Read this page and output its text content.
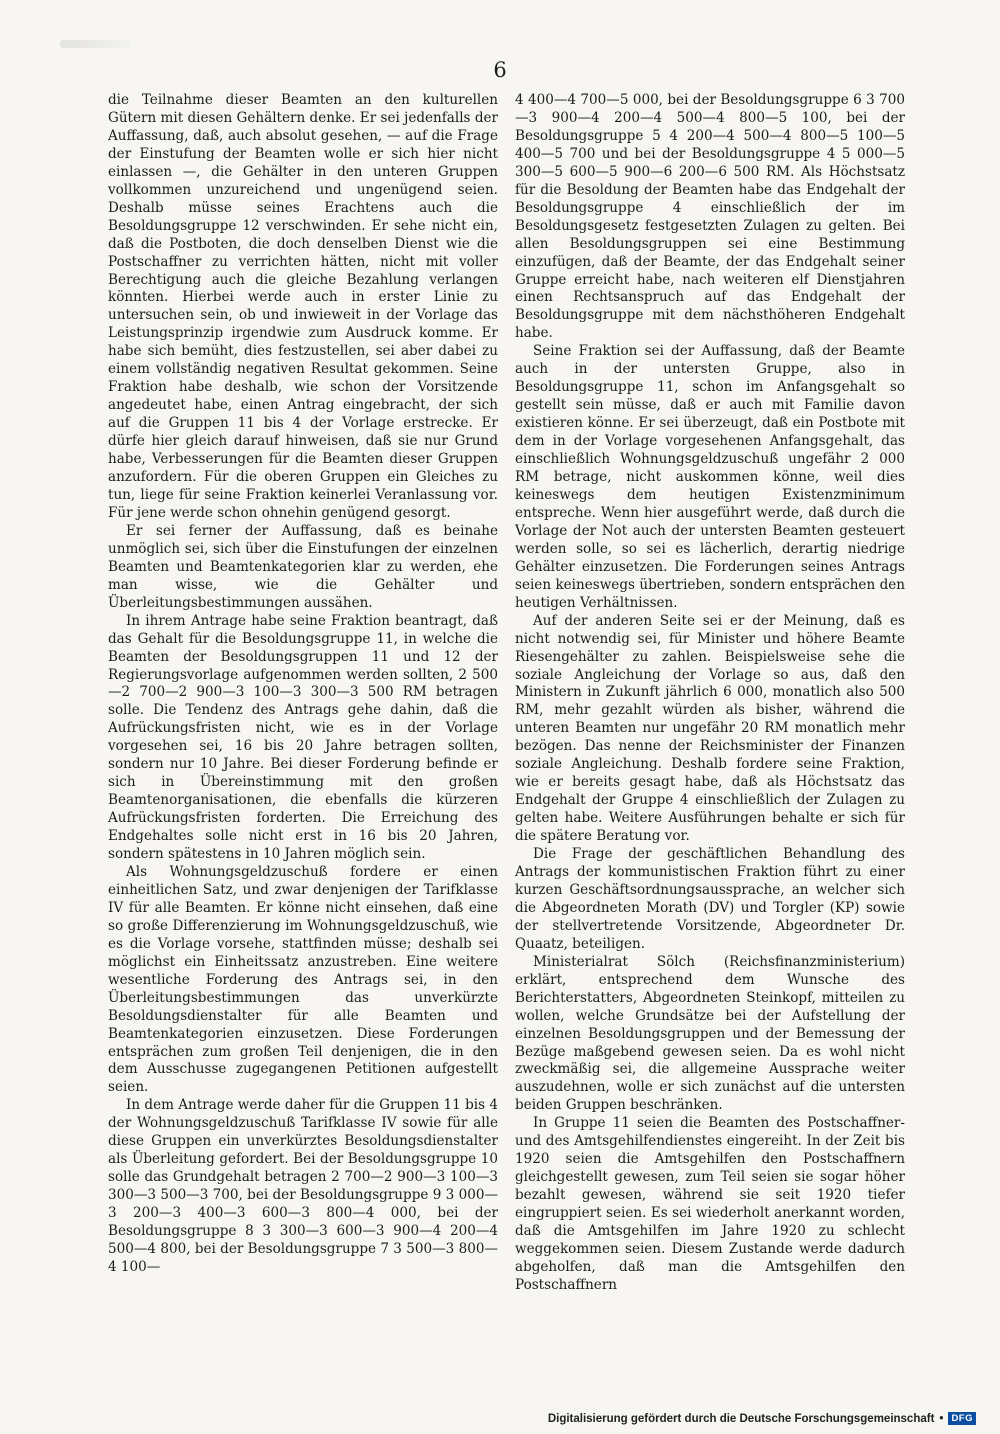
6

die Teilnahme dieser Beamten an den kulturellen Gütern mit diesen Gehältern denke. Er sei jedenfalls der Auffassung, daß, auch absolut gesehen, — auf die Frage der Einstufung der Beamten wolle er sich hier nicht einlassen —, die Gehälter in den unteren Gruppen vollkommen unzureichend und ungenügend seien. Deshalb müsse seines Erachtens auch die Besoldungsgruppe 12 verschwinden. Er sehe nicht ein, daß die Postboten, die doch denselben Dienst wie die Postschaffner zu verrichten hätten, nicht mit voller Berechtigung auch die gleiche Bezahlung verlangen könnten. Hierbei werde auch in erster Linie zu untersuchen sein, ob und inwieweit in der Vorlage das Leistungsprinzip irgendwie zum Ausdruck komme. Er habe sich bemüht, dies festzustellen, sei aber dabei zu einem vollständig negativen Resultat gekommen. Seine Fraktion habe deshalb, wie schon der Vorsitzende angedeutet habe, einen Antrag eingebracht, der sich auf die Gruppen 11 bis 4 der Vorlage erstrecke. Er dürfe hier gleich darauf hinweisen, daß sie nur Grund habe, Verbesserungen für die Beamten dieser Gruppen anzufordern. Für die oberen Gruppen ein Gleiches zu tun, liege für seine Fraktion keinerlei Veranlassung vor. Für jene werde schon ohnehin genügend gesorgt.

Er sei ferner der Auffassung, daß es beinahe unmöglich sei, sich über die Einstufungen der einzelnen Beamten und Beamtenkategorien klar zu werden, ehe man wisse, wie die Gehälter und Überleitungsbestimmungen aussähen.

In ihrem Antrage habe seine Fraktion beantragt, daß das Gehalt für die Besoldungsgruppe 11, in welche die Beamten der Besoldungsgruppen 11 und 12 der Regierungsvorlage aufgenommen werden sollten, 2 500—2 700—2 900—3 100—3 300—3 500 RM betragen solle. Die Tendenz des Antrags gehe dahin, daß die Aufrückungsfristen nicht, wie es in der Vorlage vorgesehen sei, 16 bis 20 Jahre betragen sollten, sondern nur 10 Jahre. Bei dieser Forderung befinde er sich in Übereinstimmung mit den großen Beamtenorganisationen, die ebenfalls die kürzeren Aufrückungsfristen forderten. Die Erreichung des Endgehaltes solle nicht erst in 16 bis 20 Jahren, sondern spätestens in 10 Jahren möglich sein.

Als Wohnungsgeldzuschuß fordere er einen einheitlichen Satz, und zwar denjenigen der Tarifklasse IV für alle Beamten. Er könne nicht einsehen, daß eine so große Differenzierung im Wohnungsgeldzuschuß, wie es die Vorlage vorsehe, stattfinden müsse; deshalb sei möglichst ein Einheitssatz anzustreben. Eine weitere wesentliche Forderung des Antrags sei, in den Überleitungsbestimmungen das unverkürzte Besoldungsdienstalter für alle Beamten und Beamtenkategorien einzusetzen. Diese Forderungen entsprächen zum großen Teil denjenigen, die in den dem Ausschusse zugegangenen Petitionen aufgestellt seien.

In dem Antrage werde daher für die Gruppen 11 bis 4 der Wohnungsgeldzuschuß Tarifklasse IV sowie für alle diese Gruppen ein unverkürztes Besoldungsdienstalter als Überleitung gefordert. Bei der Besoldungsgruppe 10 solle das Grundgehalt betragen 2 700—2 900—3 100—3 300—3 500—3 700, bei der Besoldungsgruppe 9 3 000—3 200—3 400—3 600—3 800—4 000, bei der Besoldungsgruppe 8 3 300—3 600—3 900—4 200—4 500—4 800, bei der Besoldungsgruppe 7 3 500—3 800—4 100—

4 400—4 700—5 000, bei der Besoldungsgruppe 6 3 700—3 900—4 200—4 500—4 800—5 100, bei der Besoldungsgruppe 5 4 200—4 500—4 800—5 100—5 400—5 700 und bei der Besoldungsgruppe 4 5 000—5 300—5 600—5 900—6 200—6 500 RM. Als Höchstsatz für die Besoldung der Beamten habe das Endgehalt der Besoldungsgruppe 4 einschließlich der im Besoldungsgesetz festgesetzten Zulagen zu gelten. Bei allen Besoldungsgruppen sei eine Bestimmung einzufügen, daß der Beamte, der das Endgehalt seiner Gruppe erreicht habe, nach weiteren elf Dienstjahren einen Rechtsanspruch auf das Endgehalt der Besoldungsgruppe mit dem nächsthöheren Endgehalt habe.

Seine Fraktion sei der Auffassung, daß der Beamte auch in der untersten Gruppe, also in Besoldungsgruppe 11, schon im Anfangsgehalt so gestellt sein müsse, daß er auch mit Familie davon existieren könne. Er sei überzeugt, daß ein Postbote mit dem in der Vorlage vorgesehenen Anfangsgehalt, das einschließlich Wohnungsgeldzuschuß ungefähr 2 000 RM betrage, nicht auskommen könne, weil dies keineswegs dem heutigen Existenzminimum entspreche. Wenn hier ausgeführt werde, daß durch die Vorlage der Not auch der untersten Beamten gesteuert werden solle, so sei es lächerlich, derartig niedrige Gehälter einzusetzen. Die Forderungen seines Antrags seien keineswegs übertrieben, sondern entsprächen den heutigen Verhältnissen.

Auf der anderen Seite sei er der Meinung, daß es nicht notwendig sei, für Minister und höhere Beamte Riesengehälter zu zahlen. Beispielsweise sehe die soziale Angleichung der Vorlage so aus, daß den Ministern in Zukunft jährlich 6 000, monatlich also 500 RM, mehr gezahlt würden als bisher, während die unteren Beamten nur ungefähr 20 RM monatlich mehr bezögen. Das nenne der Reichsminister der Finanzen soziale Angleichung. Deshalb fordere seine Fraktion, wie er bereits gesagt habe, daß als Höchstsatz das Endgehalt der Gruppe 4 einschließlich der Zulagen zu gelten habe. Weitere Ausführungen behalte er sich für die spätere Beratung vor.

Die Frage der geschäftlichen Behandlung des Antrags der kommunistischen Fraktion führt zu einer kurzen Geschäftsordnungsaussprache, an welcher sich die Abgeordneten Morath (DV) und Torgler (KP) sowie der stellvertretende Vorsitzende, Abgeordneter Dr. Quaatz, beteiligen.

Ministerialrat Sölch (Reichsfinanzministerium) erklärt, entsprechend dem Wunsche des Berichterstatters, Abgeordneten Steinkopf, mitteilen zu wollen, welche Grundsätze bei der Aufstellung der einzelnen Besoldungsgruppen und der Bemessung der Bezüge maßgebend gewesen seien. Da es wohl nicht zweckmäßig sei, die allgemeine Aussprache weiter auszudehnen, wolle er sich zunächst auf die untersten beiden Gruppen beschränken.

In Gruppe 11 seien die Beamten des Postschaffner- und des Amtsgehilfendienstes eingereiht. In der Zeit bis 1920 seien die Amtsgehilfen den Postschaffnern gleichgestellt gewesen, zum Teil seien sie sogar höher bezahlt gewesen, während sie seit 1920 tiefer eingruppiert seien. Es sei wiederholt anerkannt worden, daß die Amtsgehilfen im Jahre 1920 zu schlecht weggekommen seien. Diesem Zustande werde dadurch abgeholfen, daß man die Amtsgehilfen den Postschaffnern

Digitalisierung gefördert durch die Deutsche Forschungsgemeinschaft • DFG
